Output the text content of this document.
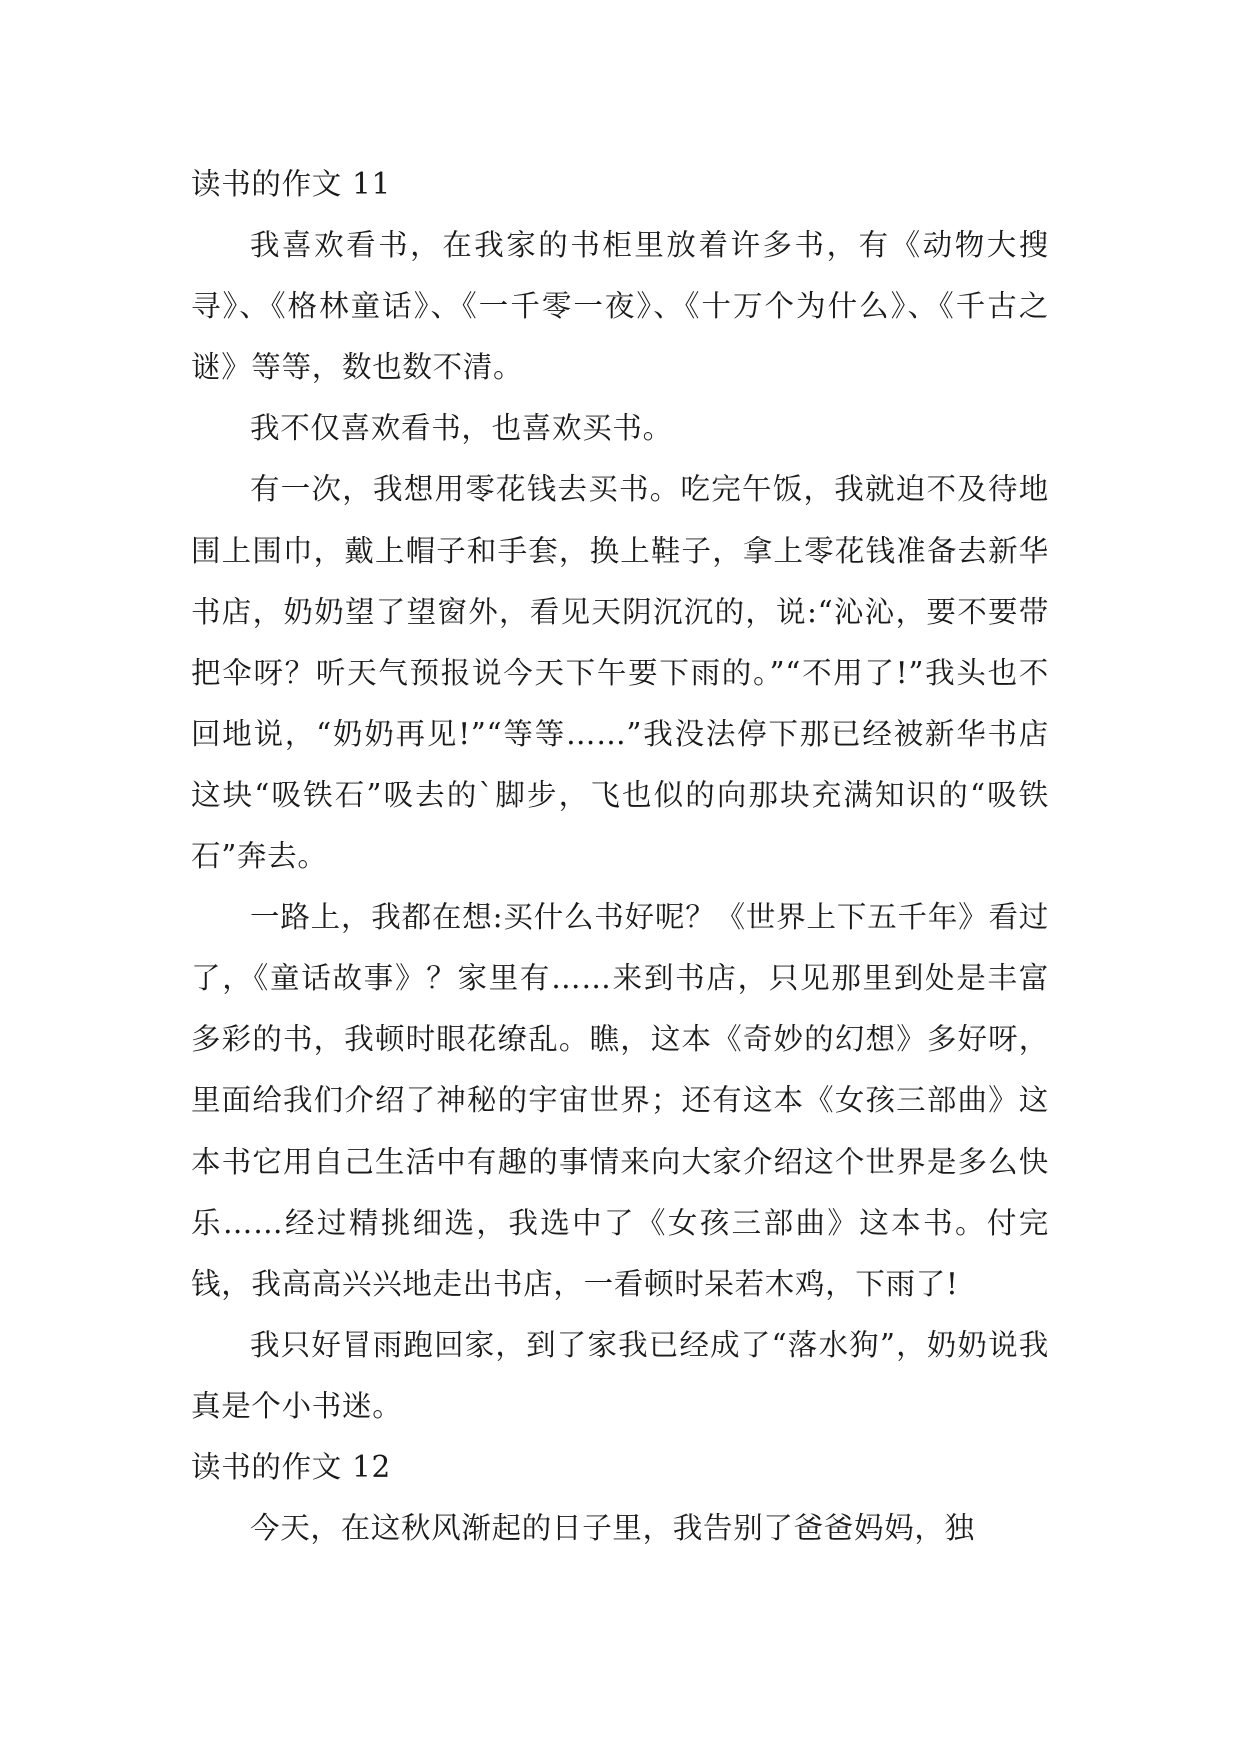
读书的作文 11

我喜欢看书，在我家的书柜里放着许多书，有《动物大搜寻》、《格林童话》、《一千零一夜》、《十万个为什么》、《千古之谜》等等，数也数不清。

我不仅喜欢看书，也喜欢买书。

有一次，我想用零花钱去买书。吃完午饭，我就迫不及待地围上围巾，戴上帽子和手套，换上鞋子，拿上零花钱准备去新华书店，奶奶望了望窗外，看见天阴沉沉的，说:“沁沁，要不要带把伞呀？听天气预报说今天下午要下雨的。”“不用了!”我头也不回地说，“奶奶再见!”“等等……”我没法停下那已经被新华书店这块“吸铁石”吸去的`脚步，飞也似的向那块充满知识的“吸铁石”奔去。

一路上，我都在想:买什么书好呢？《世界上下五千年》看过了，《童话故事》？家里有……来到书店，只见那里到处是丰富多彩的书，我顿时眼花缭乱。瞧，这本《奇妙的幻想》多好呀，里面给我们介绍了神秘的宇宙世界；还有这本《女孩三部曲》这本书它用自己生活中有趣的事情来向大家介绍这个世界是多么快乐……经过精挑细选，我选中了《女孩三部曲》这本书。付完钱，我高高兴兴地走出书店，一看顿时呆若木鸡，下雨了!

我只好冒雨跑回家，到了家我已经成了“落水狗”，奶奶说我真是个小书迷。

读书的作文 12

今天，在这秋风渐起的日子里，我告别了爸爸妈妈，独
